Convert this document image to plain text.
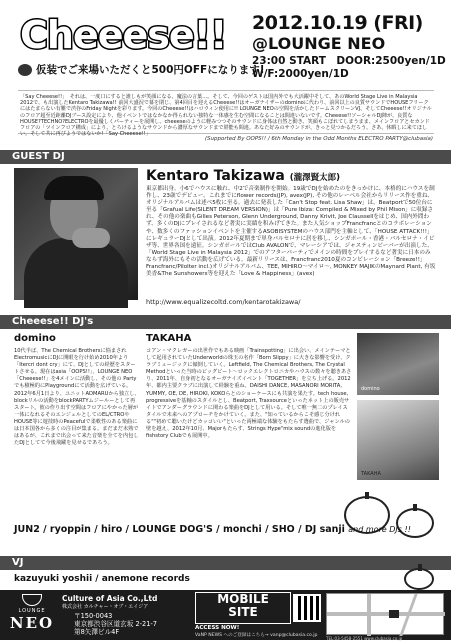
Cheeese!!
仮装でご来場いただくと500円OFFになります!
2012.10.19 (FRI)
@LOUNGE NEO
23:00 START　DOOR:2500yen/1D
W/F:2000yen/1D
「Say Cheeese!!」　それは、一度口にすると誰しもが笑顔になる、魔法の言葉…。そして、今回のゲストは国内外でも大活躍中そして、あのWorld Stage Live in Malaysia 2012で、も出演したKentaro Takizawa!! 前回大盛況で幕を閉じ、第4回目を迎えるCheeese!!はオーガナイザーのdominoに代わり、前回以上の良質サウンドでHOUSEフリークにはたまらない有難で渋谷のFriday Nightを彩ります。今回のCheeese!!はハロウィン使用に!! LOUNGE NEOの空間を活かしたドームスクリーンVJ、そしてCheeese!!オリジナルのフロア超至近距離DJブース設定により、他イベントではなかなか得られない独特な一体感を生む空間になることは間違いないです。Cheeese!!ソーシャルDJ陣が、良質なHOUSE?TECHNO?ELECTROを最優しくパーティーを展開し、cheeeseのように軽みつつそのサウンドに身体は自然と動き、笑顔もこぼれてしまうまま、メインフロアとセカンドフロアの「ツインフロア構成」により、とろけるようなサウンドから濃厚なサウンドまで堪能も間違。あなた好みのサウンドが、きっと見つかるだろう。さあ、休暇しに来てほしい。そして共に再びようではないか!「Say Cheeese!!」
(Supported By OOPS!! / 6th Monday in the Odd Months ELECTRO PARTY@clubasia)
GUEST DJ
Kentaro Takizawa (瀧澤賢太郎)
東京都出身。小6でハウスに触れ、中2で音楽制作を開始。19歳でDJを始めたのをきっかけに、本格的にハウスを制作し、23歳でデビュー。これまでにflower records(JP), avex(JP), その他のレーベル会社からリリース作を重ね、オリジナルアルバムは述べ5枚に至る。過去に発表した「Can't Stop feat. Lisa Shaw」は、Beatportで50位台に至る「Grafual Life(SILENT DREAM VERSION)」は「Pure Ibiza: Compiled & Mixed by Phil Mison」に収録され、その他の楽曲もGilles Peterson, Glenn Underground, Danny Krivit, Joe Claussellをはじめ、国内外問わず、多くのDJにプレイされるなど著実に実績を积みげてきた。また人気ショップFrancfrancとのコラボレーションや、数多くのファッションイベントを主催するASOBISYSTEMのハウス部門を主軸として、「HOUSE ATTACK!!!」にレギュラーDJとして出演。2012年夏期まで単身バルセロナに居を移し、シンガポール・香港・バルセロナ・イビザ等、世界各国を遠征。シンガポールではClub AVALONで、マレーシアでは、ジャスティンビーバーが出演した、「World Stage Live in Malaysia 2012」でのアフターパーティでメインの時間をプレイするなど著実に日本のみならず海外にもその活動を広げている。最新リリースは、Francfranc2010夏のコンピレーション「Breeze!!」Francfranc/Pilolter incl.)オリジナルアルバム、TEE, MIHIRO〜マイロ〜, MONKEY MAJIKのMaynard Plant, 有坂美香&The Sunshowers等を迎えた「Love & Happiness」(avex)
http://www.equalizecoltd.com/kentarotakizawa/
Cheeese!! DJ's
domino
10代半ば、The Chemical Brothersに悩まされElectromusicにDJに開眼を行け始め2010年より「Itercri dont cry」にて、DJとしての経歴をスタートさせる。現在はasia「OOPS!!」、LOUNGE NEO「Cheeese!!」を4メインに活動し、その他の Partyでも積極的にPlaygroundにて活動を広げている。2012年6月1日より、ユニットADMARUから独立し、blockリルの活動をblockPARTYムジールーとして再スタート。彼の作り出す空間はフロアにやかった層が一体になれるそのエンジェルとしてのEL/CTROやHOUSE等に遊技時のPeacefulで柔軟性のある楽曲には日本国各から多くの注目が集まる。まだまだ未熟ではあるが、これまで出会って来た音楽を全てを内包したDJとしてて今後飛躍を見せるであろう。
TAKAHA
コアン・マクレガーの出世作でもある映画「Trainspotting」に出会い、メインテーマとして起用されていたUnderworldの珠玉の名作「Born Slippy」に大きな影響を受け、クラブミュージックに傾倒していく。Leftfield, The Chemical Brothers, The Crystal Methodといった当時のビッグビート〜ロックエレクトロニカやハウスの数々を聴きあさり、2011年、自身初となるオーガナイズイベント「TOGETHER」を立ち上げる。2012年、都内主要クラブに出演して経験を重ね、DAISHI DANCE, MASANORI MORITA, YUMMY, OE, DE, HIROKI, KOKOらとのショーケースにも共演を果たす。tech house, progressiveを基軸のスタイルとし、Beatport, Traxsourceといったネット上の販売サイトでアンダーグラウンドに関わる楽曲をDJとして用いる。そして唯一無二のプレイスタイルで未来へのアプローチをかけていく。また、"知っているからこそ感じ分けれる""初めて聴いたけどカッコいい"といった両極端な体験をもたらす選曲で、ジャンルの壁を越え、2012年10月、Majorもたらす、Strings Hype"mix soundの進化版をfishstory Clubでも展開中。
domino
TAKAHA
JUN2 / ryoppin / hiro / LOUNGE DOG'S / monchi / SHO / DJ sanji and more DJs !!
VJ
kazuyuki yoshii / anemone records
LOUNGE
NEO
Culture of Asia Co.,Ltd
株式会社 カルチャー・オブ・エイジア
〒150-0043
東京都渋谷区道玄坂 2-21-7
第8矢澤ビル4F
MOBILE
SITE
ACCESS NOW!
VaNP NEWS へのご登録はこちら→ vanp@clubasia.co.jp
TEL:03-5458-2551 www.clubasia.co.jp
